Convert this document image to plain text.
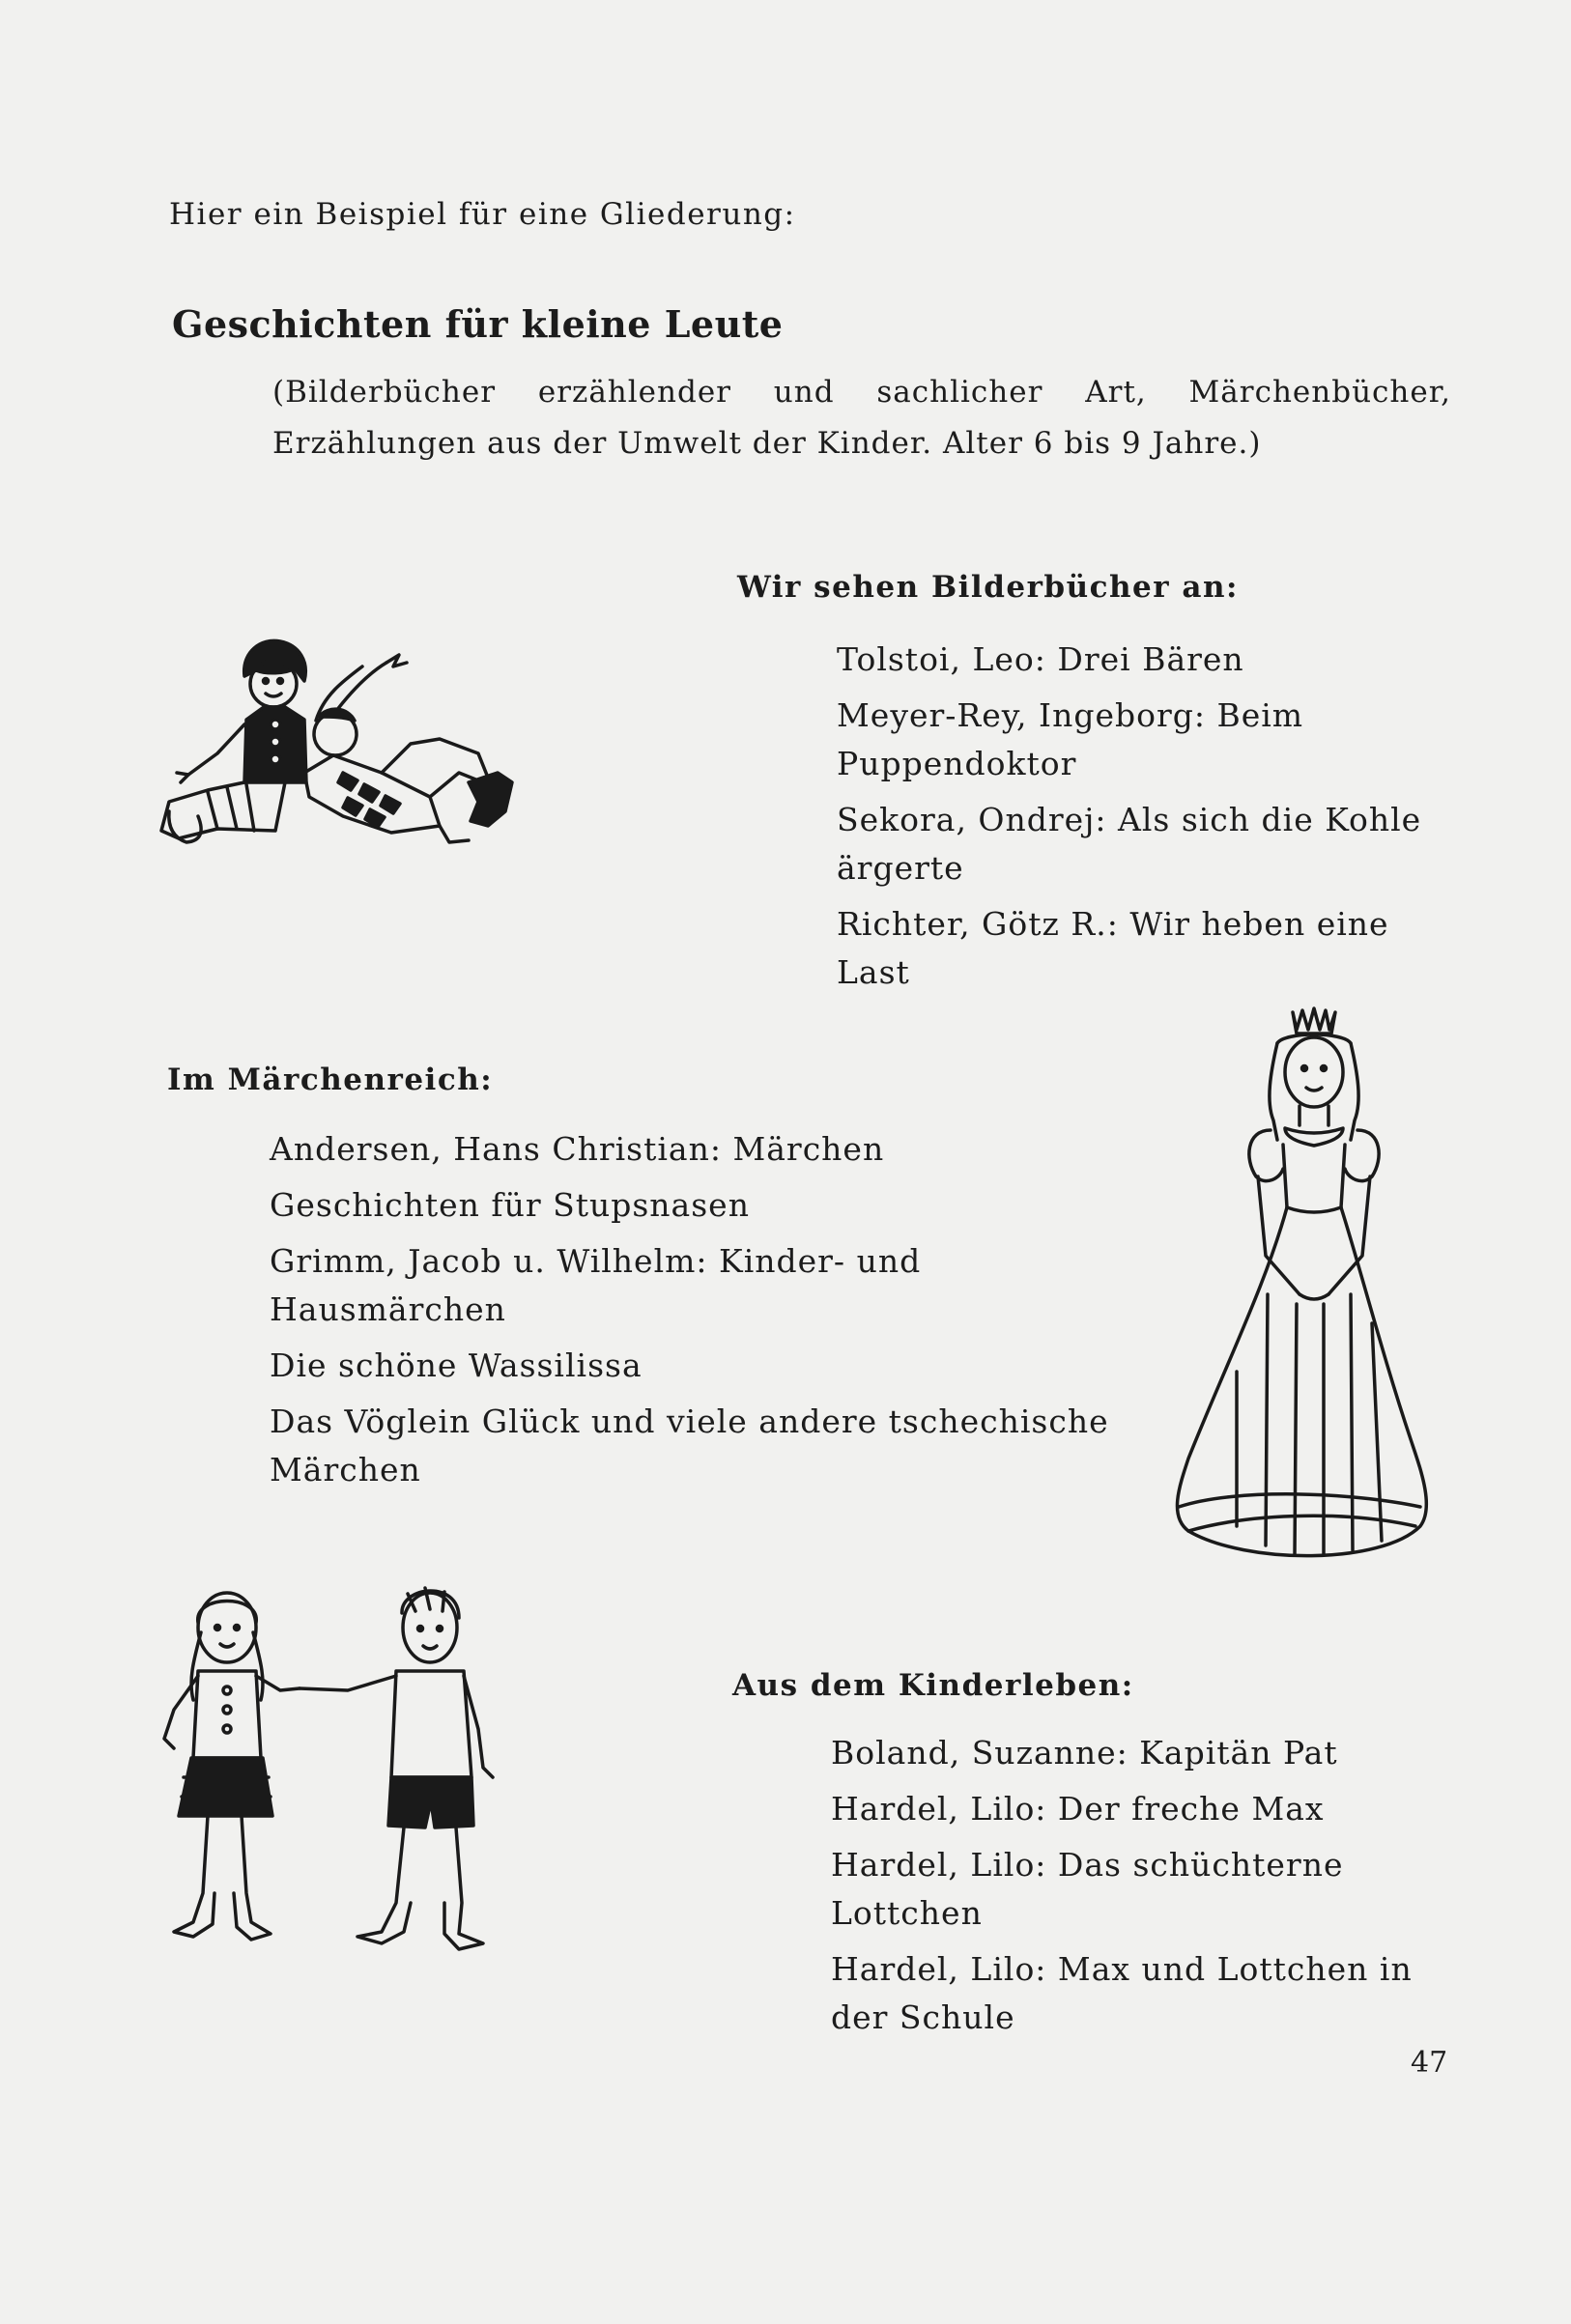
Hier ein Beispiel für eine Gliederung:

Geschichten für kleine Leute

(Bilderbücher erzählender und sachlicher Art, Märchenbücher, Erzählungen aus der Umwelt der Kinder. Alter 6 bis 9 Jahre.)

Wir sehen Bilderbücher an:
Tolstoi, Leo: Drei Bären
Meyer-Rey, Ingeborg: Beim Puppendoktor
Sekora, Ondrej: Als sich die Kohle ärgerte
Richter, Götz R.: Wir heben eine Last
Im Märchenreich:
Andersen, Hans Christian: Märchen
Geschichten für Stupsnasen
Grimm, Jacob u. Wilhelm: Kinder- und Hausmärchen
Die schöne Wassilissa
Das Vöglein Glück und viele andere tschechische Märchen
Aus dem Kinderleben:
Boland, Suzanne: Kapitän Pat
Hardel, Lilo: Der freche Max
Hardel, Lilo: Das schüchterne Lottchen
Hardel, Lilo: Max und Lottchen in der Schule

47
